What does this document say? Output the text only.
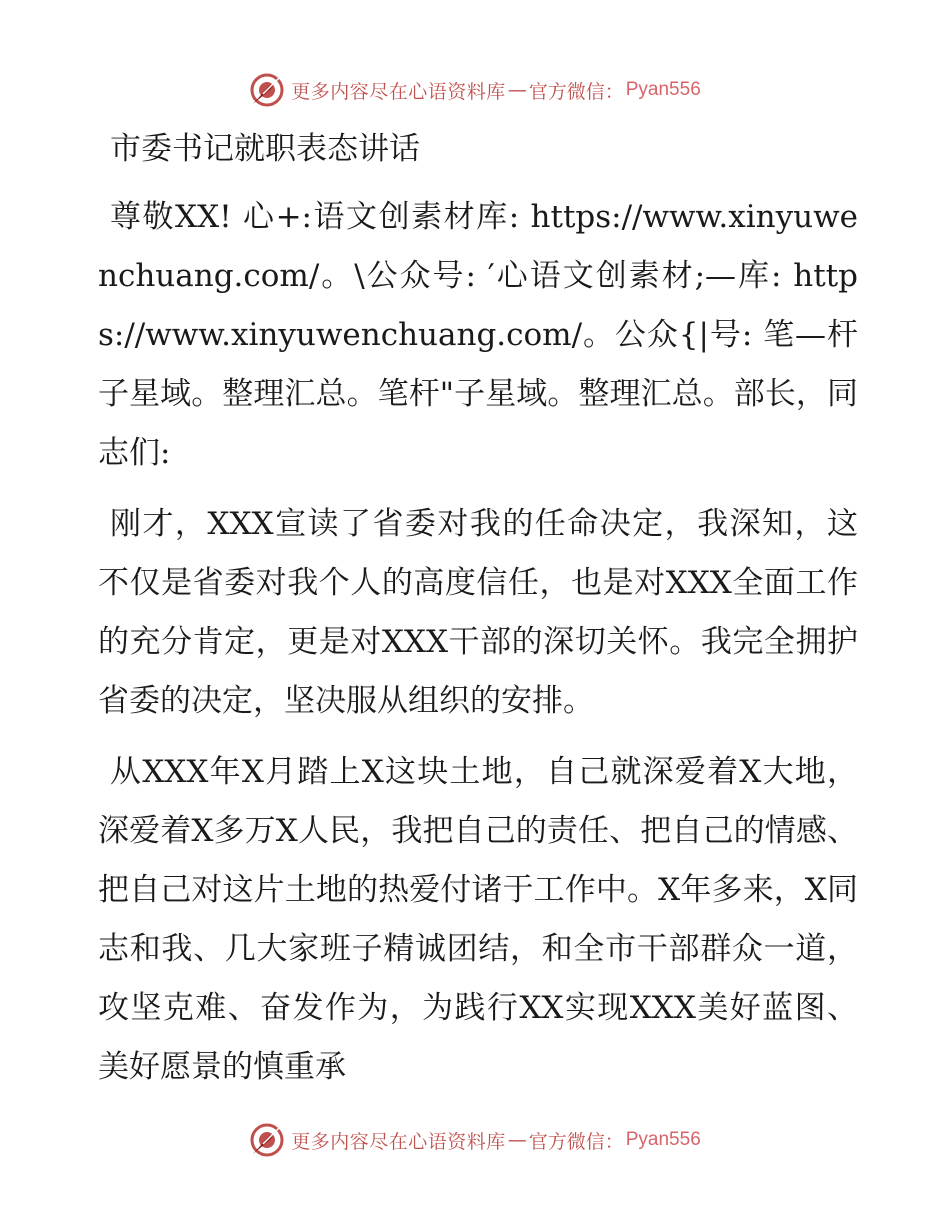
更多内容尽在心语资料库 — 官方微信： Pyan556
市委书记就职表态讲话

尊敬XX! 心+:语文创素材库: https://www.xinyuwenchuang.com/。\公众号: ′心语文创素材;—库: https://www.xinyuwenchuang.com/。公众{|号: 笔—杆子星域。整理汇总。笔杆"子星域。整理汇总。部长，同志们:

刚才，XXX宣读了省委对我的任命决定，我深知，这不仅是省委对我个人的高度信任，也是对XXX全面工作的充分肯定，更是对XXX干部的深切关怀。我完全拥护省委的决定，坚决服从组织的安排。

从XXX年X月踏上X这块土地，自己就深爱着X大地，深爱着X多万X人民，我把自己的责任、把自己的情感、把自己对这片土地的热爱付诸于工作中。X年多来，X同志和我、几大家班子精诚团结，和全市干部群众一道，攻坚克难、奋发作为，为践行XX实现XXX美好蓝图、美好愿景的慎重承

更多内容尽在心语资料库 — 官方微信： Pyan556
